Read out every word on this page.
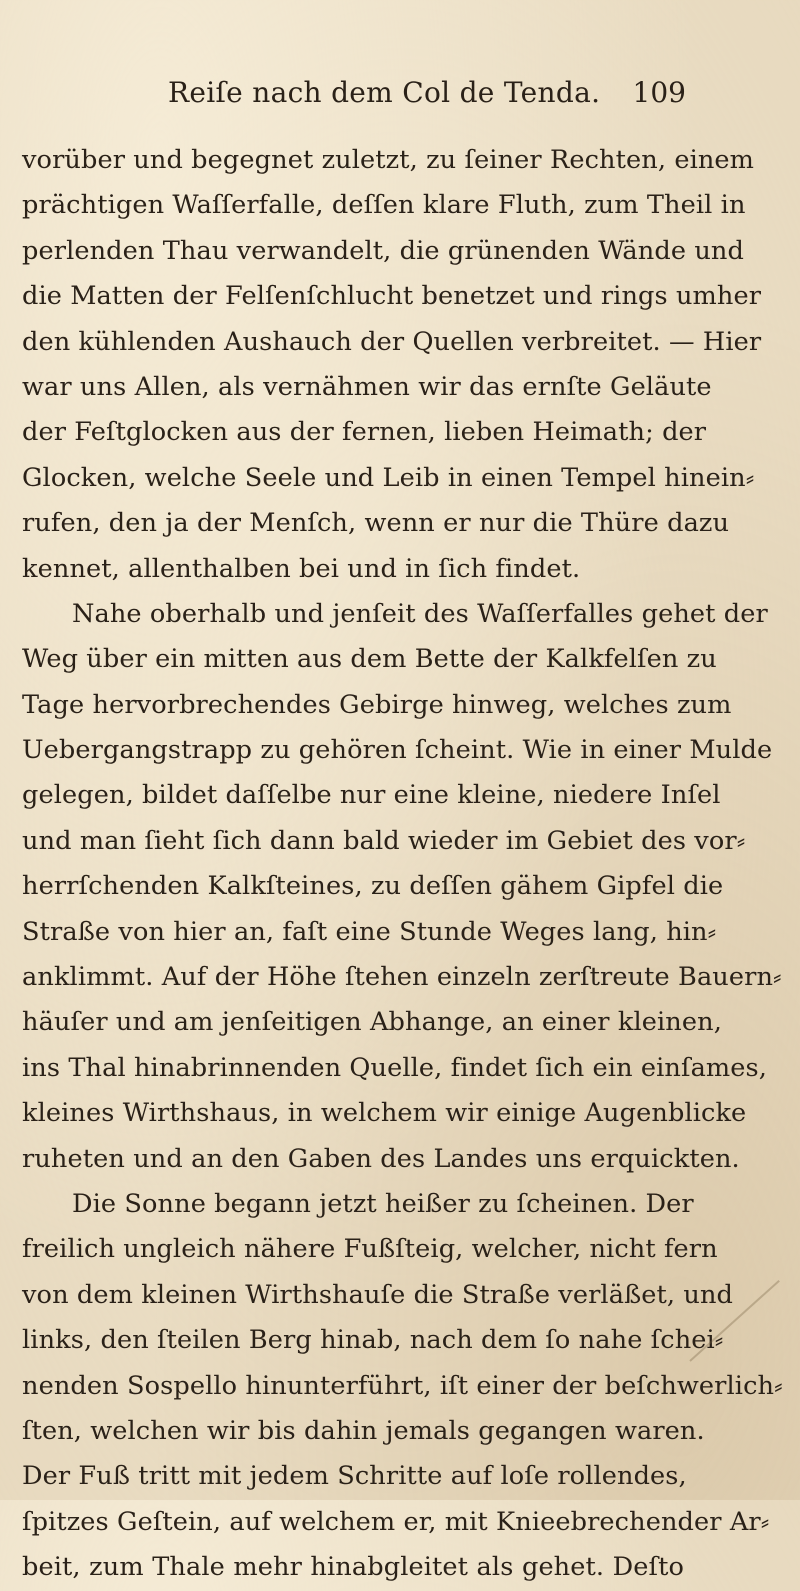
Reiſe nach dem Col de Tenda. 109
vorüber und begegnet zuletzt, zu ſeiner Rechten, einem
prächtigen Waſſerfalle, deſſen klare Fluth, zum Theil in
perlenden Thau verwandelt, die grünenden Wände und
die Matten der Felſenſchlucht benetzet und rings umher
den kühlenden Aushauch der Quellen verbreitet. — Hier
war uns Allen, als vernähmen wir das ernſte Geläute
der Feſtglocken aus der fernen, lieben Heimath; der
Glocken, welche Seele und Leib in einen Tempel hinein⸗
rufen, den ja der Menſch, wenn er nur die Thüre dazu
kennet, allenthalben bei und in ſich findet.
Nahe oberhalb und jenſeit des Waſſerfalles gehet der
Weg über ein mitten aus dem Bette der Kalkfelſen zu
Tage hervorbrechendes Gebirge hinweg, welches zum
Uebergangstrapp zu gehören ſcheint. Wie in einer Mulde
gelegen, bildet daſſelbe nur eine kleine, niedere Inſel
und man ſieht ſich dann bald wieder im Gebiet des vor⸗
herrſchenden Kalkſteines, zu deſſen gähem Gipfel die
Straße von hier an, faſt eine Stunde Weges lang, hin⸗
anklimmt. Auf der Höhe ſtehen einzeln zerſtreute Bauern⸗
häuſer und am jenſeitigen Abhange, an einer kleinen,
ins Thal hinabrinnenden Quelle, findet ſich ein einſames,
kleines Wirthshaus, in welchem wir einige Augenblicke
ruheten und an den Gaben des Landes uns erquickten.
Die Sonne begann jetzt heißer zu ſcheinen. Der
freilich ungleich nähere Fußſteig, welcher, nicht fern
von dem kleinen Wirthshauſe die Straße verläßet, und
links, den ſteilen Berg hinab, nach dem ſo nahe ſchei⸗
nenden Sospello hinunterführt, iſt einer der beſchwerlich⸗
ſten, welchen wir bis dahin jemals gegangen waren.
Der Fuß tritt mit jedem Schritte auf loſe rollendes,
ſpitzes Geſtein, auf welchem er, mit Knieebrechender Ar⸗
beit, zum Thale mehr hinabgleitet als gehet. Deſto
